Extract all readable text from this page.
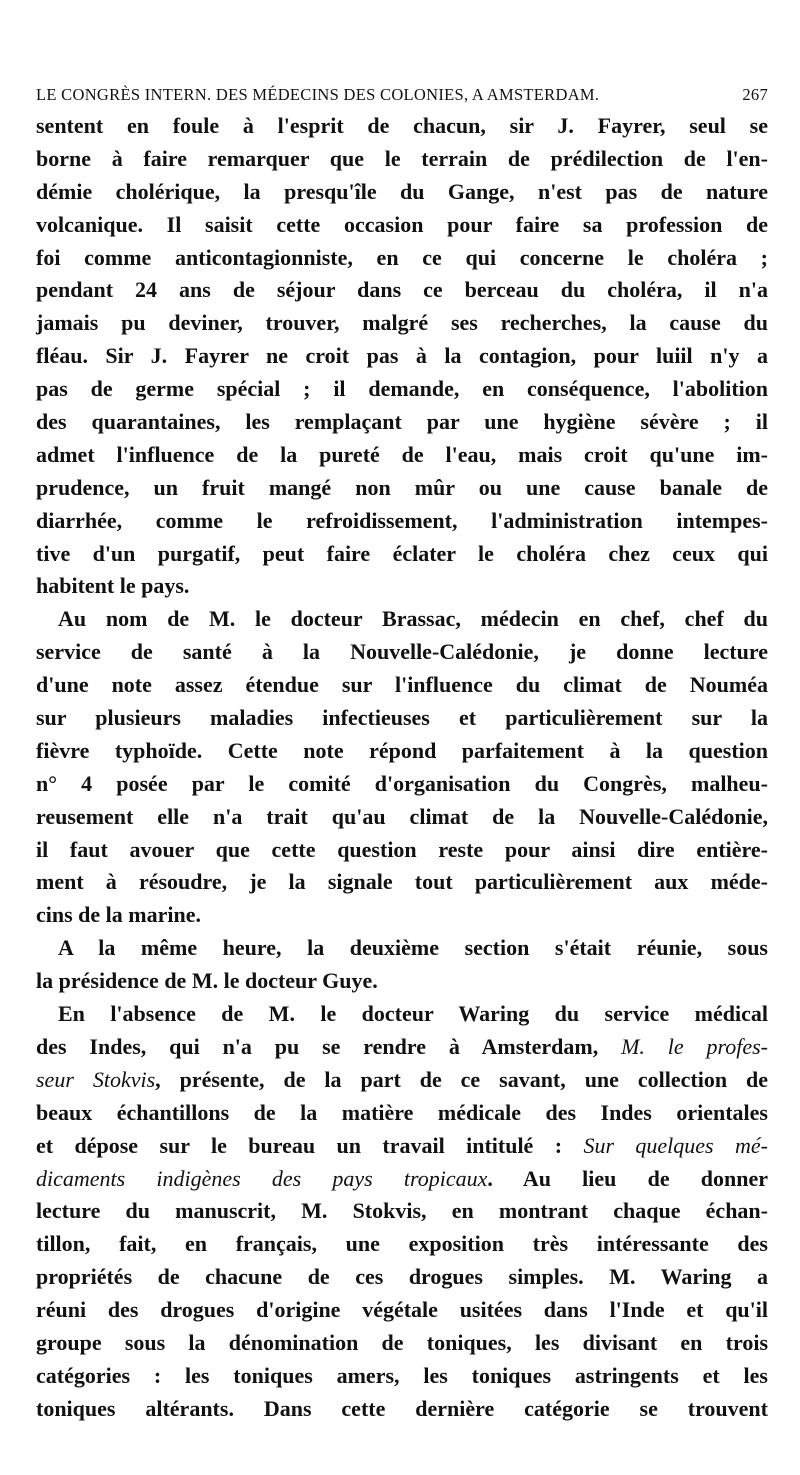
LE CONGRÈS INTERN. DES MÉDECINS DES COLONIES, A AMSTERDAM.	267
sentent en foule à l'esprit de chacun, sir J. Fayrer, seul se
borne à faire remarquer que le terrain de prédilection de l'en-
démie cholérique, la presqu'île du Gange, n'est pas de nature
volcanique. Il saisit cette occasion pour faire sa profession de
foi comme anticontagionniste, en ce qui concerne le choléra ;
pendant 24 ans de séjour dans ce berceau du choléra, il n'a
jamais pu deviner, trouver, malgré ses recherches, la cause du
fléau. Sir J. Fayrer ne croit pas à la contagion, pour luiil n'y a
pas de germe spécial ; il demande, en conséquence, l'abolition
des quarantaines, les remplaçant par une hygiène sévère ; il
admet l'influence de la pureté de l'eau, mais croit qu'une im-
prudence, un fruit mangé non mûr ou une cause banale de
diarrhée, comme le refroidissement, l'administration intempes-
tive d'un purgatif, peut faire éclater le choléra chez ceux qui
habitent le pays.
Au nom de M. le docteur Brassac, médecin en chef, chef du
service de santé à la Nouvelle-Calédonie, je donne lecture
d'une note assez étendue sur l'influence du climat de Nouméa
sur plusieurs maladies infectieuses et particulièrement sur la
fièvre typhoïde. Cette note répond parfaitement à la question
n° 4 posée par le comité d'organisation du Congrès, malheu-
reusement elle n'a trait qu'au climat de la Nouvelle-Calédonie,
il faut avouer que cette question reste pour ainsi dire entière-
ment à résoudre, je la signale tout particulièrement aux méde-
cins de la marine.
A la même heure, la deuxième section s'était réunie, sous
la présidence de M. le docteur Guye.
En l'absence de M. le docteur Waring du service médical
des Indes, qui n'a pu se rendre à Amsterdam, M. le profes-
seur Stokvis, présente, de la part de ce savant, une collection de
beaux échantillons de la matière médicale des Indes orientales
et dépose sur le bureau un travail intitulé : Sur quelques mé-
dicaments indigènes des pays tropicaux. Au lieu de donner
lecture du manuscrit, M. Stokvis, en montrant chaque échan-
tillon, fait, en français, une exposition très intéressante des
propriétés de chacune de ces drogues simples. M. Waring a
réuni des drogues d'origine végétale usitées dans l'Inde et qu'il
groupe sous la dénomination de toniques, les divisant en trois
catégories : les toniques amers, les toniques astringents et les
toniques altérants. Dans cette dernière catégorie se trouvent
